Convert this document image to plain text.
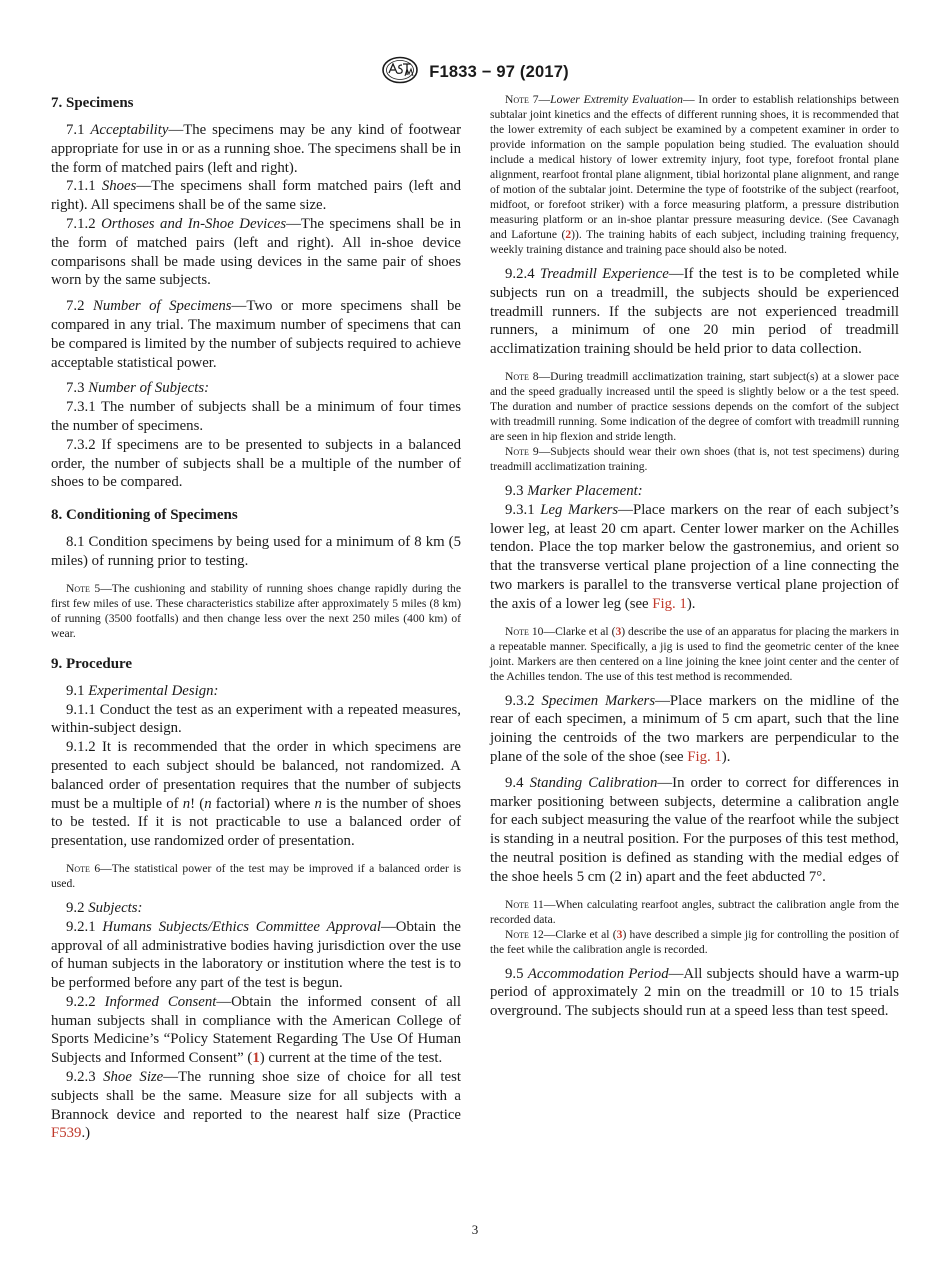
F1833 − 97 (2017)
7. Specimens

7.1 Acceptability—The specimens may be any kind of footwear appropriate for use in or as a running shoe. The specimens shall be in the form of matched pairs (left and right).

7.1.1 Shoes—The specimens shall form matched pairs (left and right). All specimens shall be of the same size.

7.1.2 Orthoses and In-Shoe Devices—The specimens shall be in the form of matched pairs (left and right). All in-shoe device comparisons shall be made using devices in the same pair of shoes worn by the same subjects.

7.2 Number of Specimens—Two or more specimens shall be compared in any trial. The maximum number of specimens that can be compared is limited by the number of subjects required to achieve acceptable statistical power.

7.3 Number of Subjects:

7.3.1 The number of subjects shall be a minimum of four times the number of specimens.

7.3.2 If specimens are to be presented to subjects in a balanced order, the number of subjects shall be a multiple of the number of shoes to be compared.

8. Conditioning of Specimens

8.1 Condition specimens by being used for a minimum of 8 km (5 miles) of running prior to testing.

Note 5—The cushioning and stability of running shoes change rapidly during the first few miles of use. These characteristics stabilize after approximately 5 miles (8 km) of running (3500 footfalls) and then change less over the next 250 miles (400 km) of wear.

9. Procedure

9.1 Experimental Design:

9.1.1 Conduct the test as an experiment with a repeated measures, within-subject design.

9.1.2 It is recommended that the order in which specimens are presented to each subject should be balanced, not randomized. A balanced order of presentation requires that the number of subjects must be a multiple of n! (n factorial) where n is the number of shoes to be tested. If it is not practicable to use a balanced order of presentation, use randomized order of presentation.

Note 6—The statistical power of the test may be improved if a balanced order is used.

9.2 Subjects:

9.2.1 Humans Subjects/Ethics Committee Approval—Obtain the approval of all administrative bodies having jurisdiction over the use of human subjects in the laboratory or institution where the test is to be performed before any part of the test is begun.

9.2.2 Informed Consent—Obtain the informed consent of all human subjects shall in compliance with the American College of Sports Medicine’s “Policy Statement Regarding The Use Of Human Subjects and Informed Consent” (1) current at the time of the test.

9.2.3 Shoe Size—The running shoe size of choice for all test subjects shall be the same. Measure size for all subjects with a Brannock device and reported to the nearest half size (Practice F539.)

Note 7—Lower Extremity Evaluation— In order to establish relationships between subtalar joint kinetics and the effects of different running shoes, it is recommended that the lower extremity of each subject be examined by a competent examiner in order to provide information on the sample population being studied. The evaluation should include a medical history of lower extremity injury, foot type, forefoot frontal plane alignment, rearfoot frontal plane alignment, tibial horizontal plane alignment, and range of motion of the subtalar joint. Determine the type of footstrike of the subject (rearfoot, midfoot, or forefoot striker) with a force measuring platform, a pressure distribution measuring platform or an in-shoe plantar pressure measuring device. (See Cavanagh and Lafortune (2)). The training habits of each subject, including training frequency, weekly training distance and training pace should also be noted.

9.2.4 Treadmill Experience—If the test is to be completed while subjects run on a treadmill, the subjects should be experienced treadmill runners. If the subjects are not experienced treadmill runners, a minimum of one 20 min period of treadmill acclimatization training should be held prior to data collection.

Note 8—During treadmill acclimatization training, start subject(s) at a slower pace and the speed gradually increased until the speed is slightly below or a the test speed. The duration and number of practice sessions depends on the comfort of the subject with treadmill running. Some indication of the degree of comfort with treadmill running are seen in hip flexion and stride length.

Note 9—Subjects should wear their own shoes (that is, not test specimens) during treadmill acclimatization training.

9.3 Marker Placement:

9.3.1 Leg Markers—Place markers on the rear of each subject’s lower leg, at least 20 cm apart. Center lower marker on the Achilles tendon. Place the top marker below the gastronemius, and orient so that the transverse vertical plane projection of a line connecting the two markers is parallel to the transverse vertical plane projection of the axis of a lower leg (see Fig. 1).

Note 10—Clarke et al (3) describe the use of an apparatus for placing the markers in a repeatable manner. Specifically, a jig is used to find the geometric center of the knee joint. Markers are then centered on a line joining the knee joint center and the center of the Achilles tendon. The use of this test method is recommended.

9.3.2 Specimen Markers—Place markers on the midline of the rear of each specimen, a minimum of 5 cm apart, such that the line joining the centroids of the two markers are perpendicular to the plane of the sole of the shoe (see Fig. 1).

9.4 Standing Calibration—In order to correct for differences in marker positioning between subjects, determine a calibration angle for each subject measuring the value of the rearfoot while the subject is standing in a neutral position. For the purposes of this test method, the neutral position is defined as standing with the medial edges of the shoe heels 5 cm (2 in) apart and the feet abducted 7°.

Note 11—When calculating rearfoot angles, subtract the calibration angle from the recorded data.

Note 12—Clarke et al (3) have described a simple jig for controlling the position of the feet while the calibration angle is recorded.

9.5 Accommodation Period—All subjects should have a warm-up period of approximately 2 min on the treadmill or 10 to 15 trials overground. The subjects should run at a speed less than test speed.

3
